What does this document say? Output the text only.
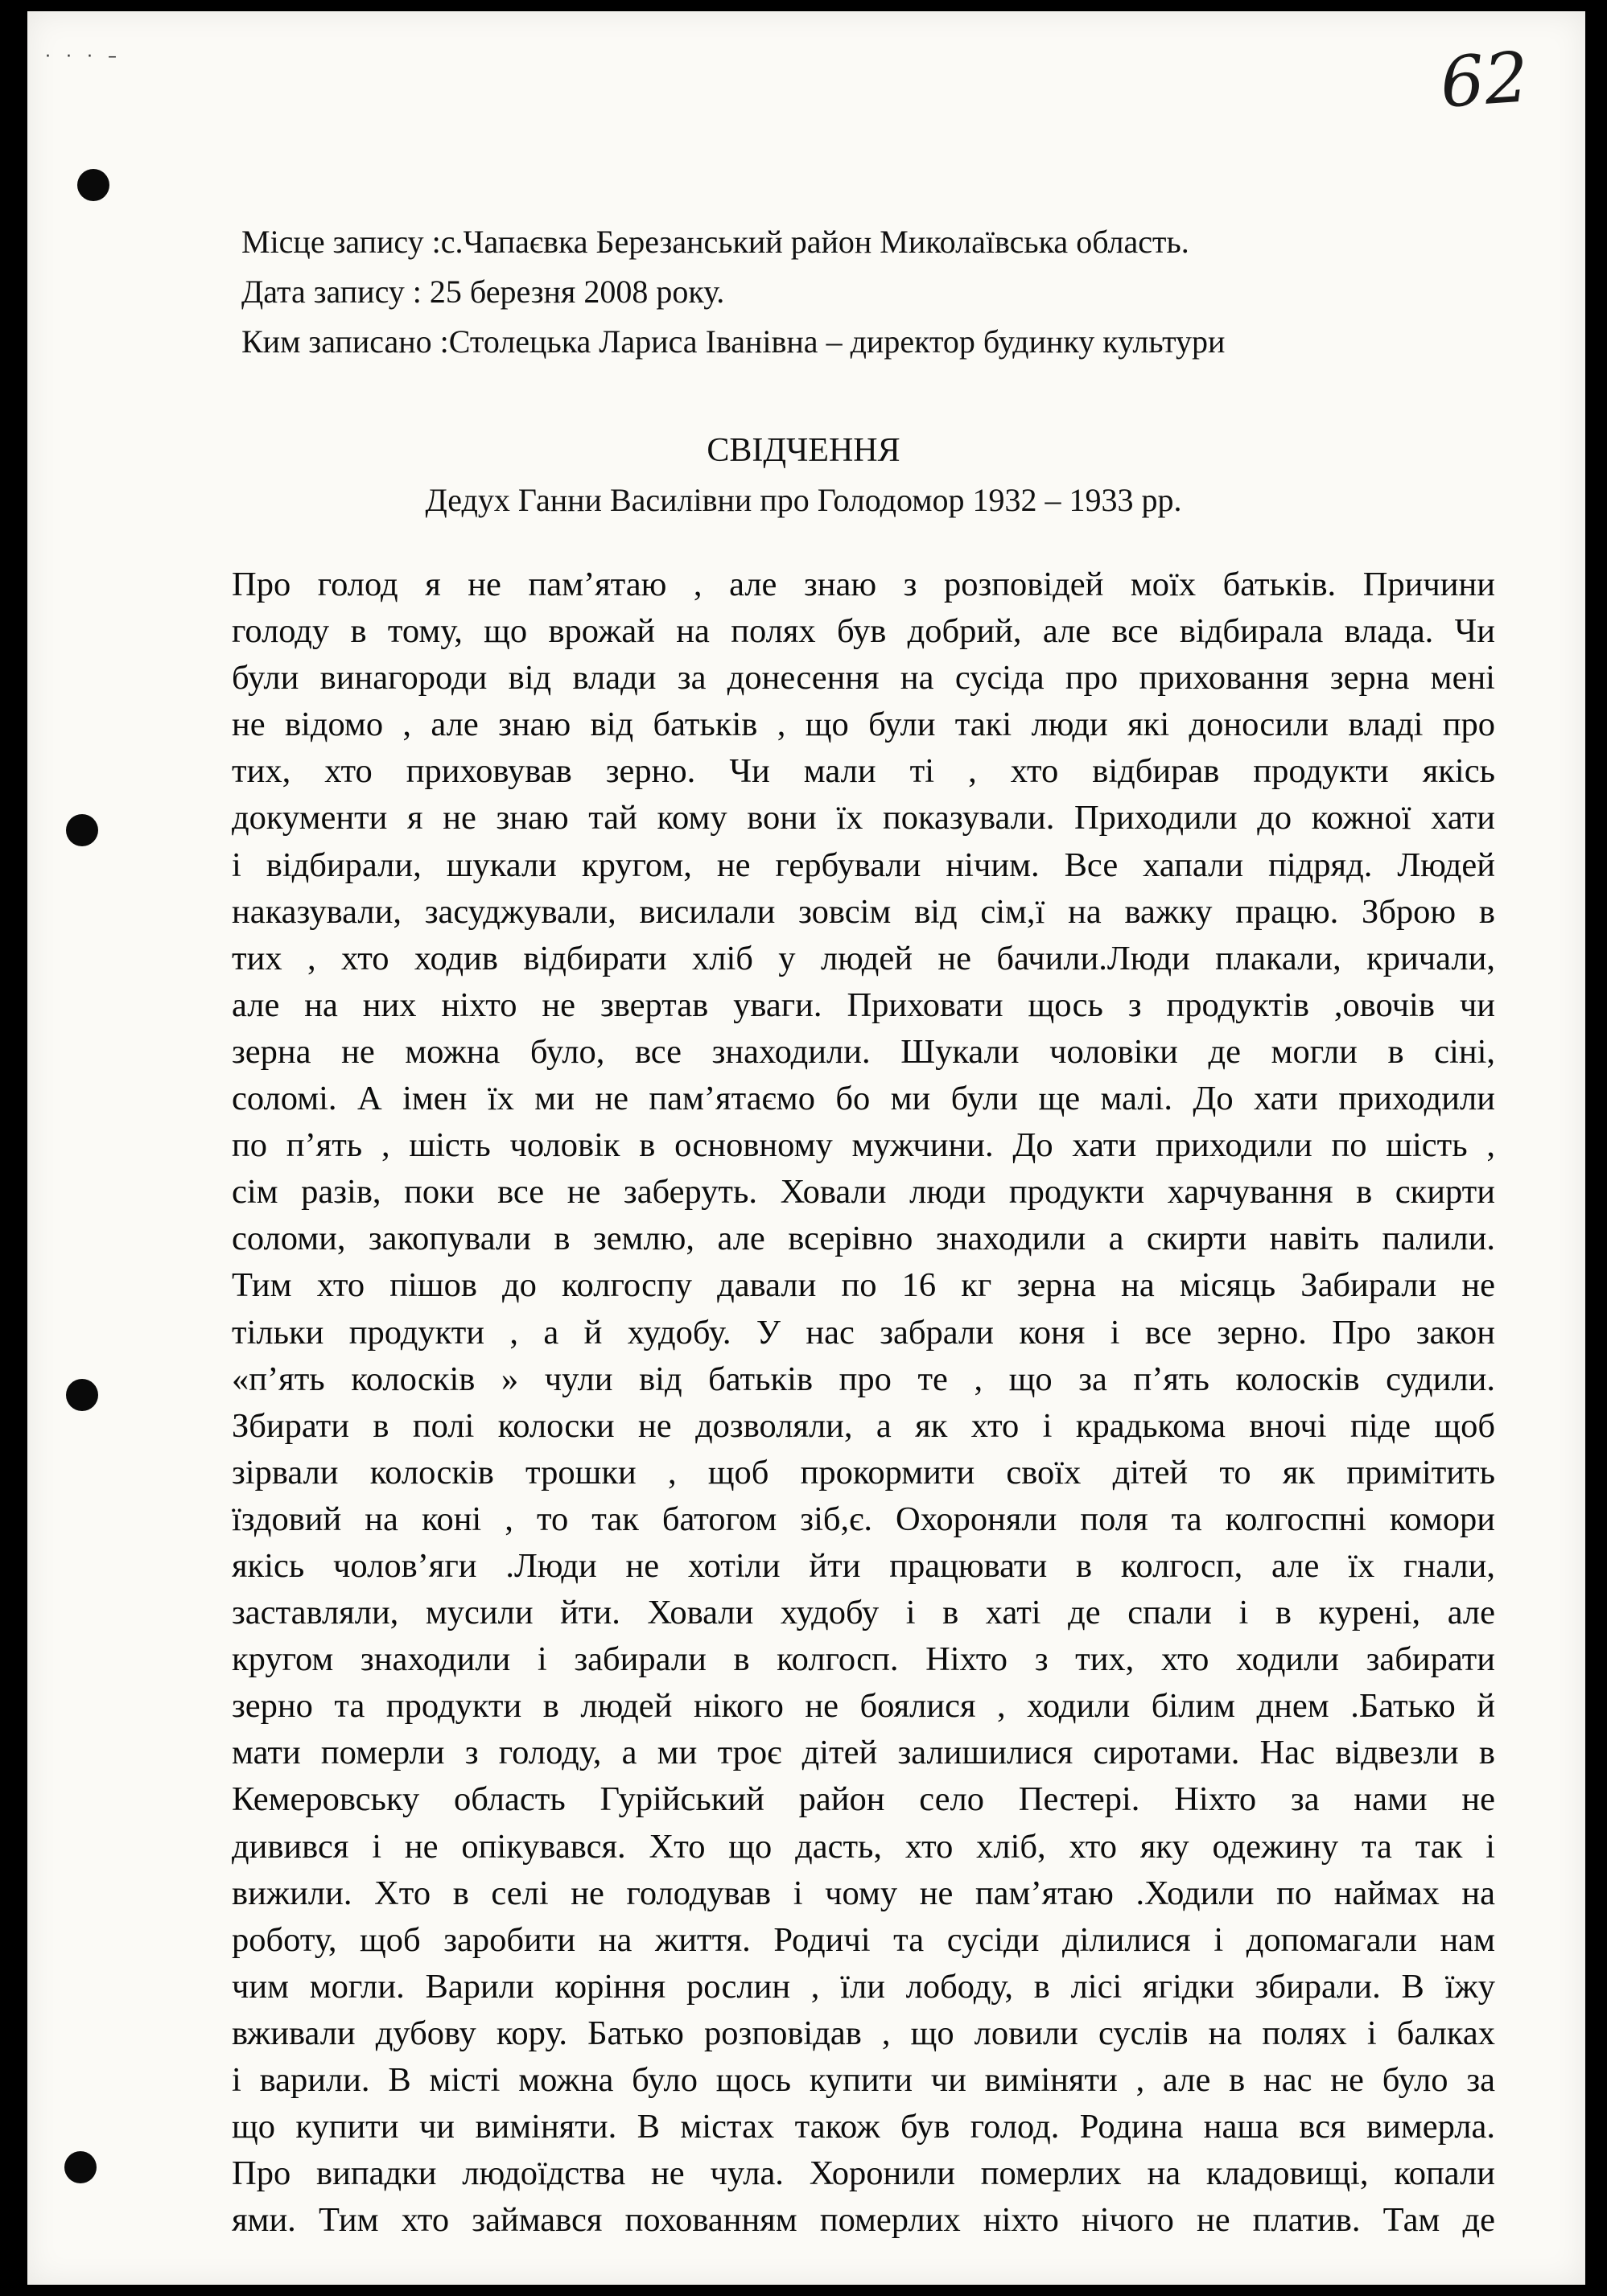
· · · –	62
Місце запису :с.Чапаєвка Березанський район Миколаївська область.
Дата запису : 25 березня 2008 року.
Ким записано :Столецька Лариса Іванівна – директор будинку культури
СВІДЧЕННЯ
Дедух Ганни Василівни про Голодомор 1932 – 1933 рр.
Про голод я не пам’ятаю , але знаю з розповідей моїх батьків. Причини
голоду в тому, що врожай на полях був добрий, але все відбирала влада. Чи
були винагороди від влади за донесення на сусіда про приховання зерна мені
не відомо , але знаю від батьків , що були такі люди які доносили владі про
тих, хто приховував зерно. Чи мали ті , хто відбирав продукти якісь
документи я не знаю тай кому вони їх показували. Приходили до кожної хати
і відбирали, шукали кругом, не гербували нічим. Все хапали підряд. Людей
наказували, засуджували, висилали зовсім від сім,ї на важку працю. Зброю в
тих , хто ходив відбирати хліб у людей не бачили.Люди плакали, кричали,
але на них ніхто не звертав уваги. Приховати щось з продуктів ,овочів чи
зерна не можна було, все знаходили. Шукали чоловіки де могли в сіні,
соломі. А імен їх ми не пам’ятаємо бо ми були ще малі. До хати приходили
по п’ять , шість чоловік в основному мужчини. До хати приходили по шість ,
сім разів, поки все не заберуть. Ховали люди продукти харчування в скирти
соломи, закопували в землю, але всерівно знаходили а скирти навіть палили.
Тим хто пішов до колгоспу давали по 16 кг зерна на місяць Забирали не
тільки продукти , а й худобу. У нас забрали коня і все зерно. Про закон
«п’ять колосків » чули від батьків про те , що за п’ять колосків судили.
Збирати в полі колоски не дозволяли, а як хто і крадькома вночі піде щоб
зірвали колосків трошки , щоб прокормити своїх дітей то як примітить
їздовий на коні , то так батогом зіб,є. Охороняли поля та колгоспні комори
якісь чолов’яги .Люди не хотіли йти працювати в колгосп, але їх гнали,
заставляли, мусили йти. Ховали худобу і в хаті де спали і в курені, але
кругом знаходили і забирали в колгосп. Ніхто з тих, хто ходили забирати
зерно та продукти в людей нікого не боялися , ходили білим днем .Батько й
мати померли з голоду, а ми троє дітей залишилися сиротами. Нас відвезли в
Кемеровську область Гурійський район село Пестері. Ніхто за нами не
дивився і не опікувався. Хто що дасть, хто хліб, хто яку одежину та так і
вижили. Хто в селі не голодував і чому не пам’ятаю .Ходили по наймах на
роботу, щоб заробити на життя. Родичі та сусіди ділилися і допомагали нам
чим могли. Варили коріння рослин , їли лободу, в лісі ягідки збирали. В їжу
вживали дубову кору. Батько розповідав , що ловили суслів на полях і балках
і варили. В місті можна було щось купити чи виміняти , але в нас не було за
що купити чи виміняти. В містах також був голод. Родина наша вся вимерла.
Про випадки людоїдства не чула. Хоронили померлих на кладовищі, копали
ями. Тим хто займався похованням померлих ніхто нічого не платив. Там де
